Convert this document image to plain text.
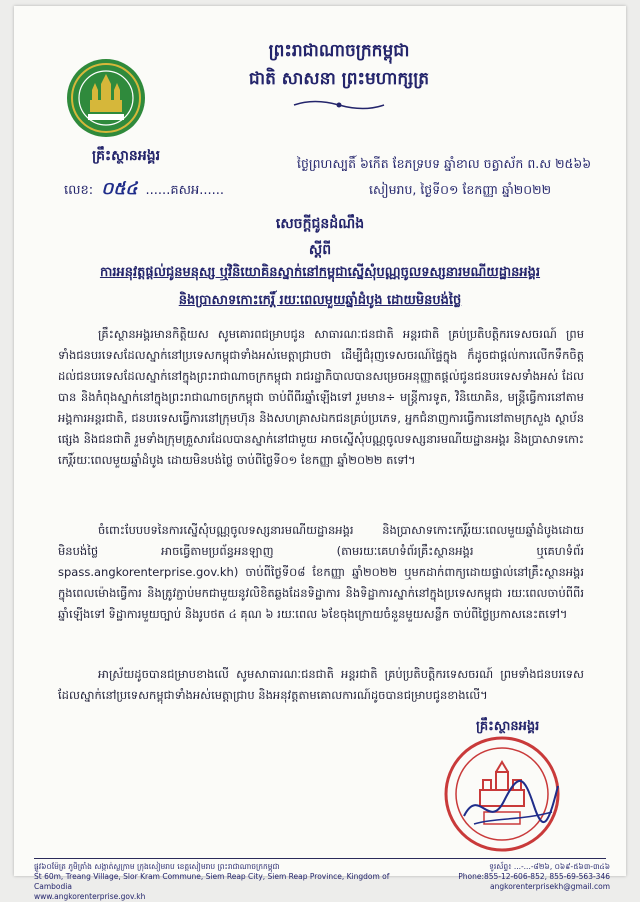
ព្រះរាជាណាចក្រកម្ពុជា
ជាតិ សាសនា ព្រះមហាក្សត្រ
គ្រឹះស្ថានអង្គរ
លេខ: ០៥៤ ......គសអ......
ថ្ងៃព្រហស្បតិ៍ ៦កើត ខែភទ្របទ ឆ្នាំខាល ចត្វាស័ក ព.ស ២៥៦៦
សៀមរាប, ថ្ងៃទី០១ ខែកញ្ញា ឆ្នាំ២០២២
សេចក្តីជូនដំណឹង
ស្តីពី
ការអនុវត្តផ្តល់ជូនមនុស្ស ឬវិនិយោគិនស្នាក់នៅកម្ពុជាស្នើសុំបណ្ណចូលទស្សនារមណីយដ្ឋានអង្គរ
និងប្រាសាទកោះកេរ្តិ៍ រយៈពេលមួយឆ្នាំដំបូង ដោយមិនបង់ថ្លៃ
គ្រឹះស្ថានអង្គរមានកិត្តិយស សូមគោរពជម្រាបជូន សាធារណៈជនជាតិ អន្តរជាតិ គ្រប់ប្រតិបត្តិករទេសចរណ៍ ព្រមទាំងជនបរទេសដែលស្នាក់នៅប្រទេសកម្ពុជាទាំងអស់មេត្តាជ្រាបថា ដើម្បីជំរុញទេសចរណ៍ផ្ទៃក្នុង ក៏ដូចជាផ្តល់ការលើកទឹកចិត្តដល់ជនបរទេសដែលស្នាក់នៅក្នុងព្រះរាជាណាចក្រកម្ពុជា រាជរដ្ឋាភិបាលបានសម្រេចអនុញ្ញាតផ្តល់ជូនជនបរទេសទាំងអស់ ដែលបាន និងកំពុងស្នាក់នៅក្នុងព្រះរាជាណាចក្រកម្ពុជា ចាប់ពីពីរឆ្នាំឡើងទៅ រួមមាន÷ មន្ត្រីការទូត, វិនិយោគិន, មន្ត្រីធ្វើការនៅតាមអង្គការអន្តរជាតិ, ជនបរទេសធ្វើការនៅក្រុមហ៊ុន និងសហគ្រាសឯកជនគ្រប់ប្រភេទ, អ្នកជំនាញការធ្វើការនៅតាមក្រសួង ស្ថាប័នផ្សេង និងជនជាតិ រួមទាំងក្រុមគ្រួសារដែលបានស្នាក់នៅជាមួយ អាចស្នើសុំបណ្ណចូលទស្សនារមណីយដ្ឋានអង្គរ និងប្រាសាទកោះកេរ្តិ៍រយៈពេលមួយឆ្នាំដំបូង ដោយមិនបង់ថ្លៃ ចាប់ពីថ្ងៃទី០១ ខែកញ្ញា ឆ្នាំ២០២២ តទៅ។
ចំពោះបែបបទនៃការស្នើសុំបណ្ណចូលទស្សនារមណីយដ្ឋានអង្គរ និងប្រាសាទកោះកេរ្តិ៍រយៈពេលមួយឆ្នាំដំបូងដោយមិនបង់ថ្លៃ អាចធ្វើតាមប្រព័ន្ធអនឡាញ (តាមរយៈគេហទំព័រគ្រឹះស្ថានអង្គរ ឬគេហទំព័រ spass.angkorenterprise.gov.kh) ចាប់ពីថ្ងៃទី០៨ ខែកញ្ញា ឆ្នាំ២០២២ ឬមកដាក់ពាក្យដោយផ្ទាល់នៅគ្រឹះស្ថានអង្គរ ក្នុងពេលម៉ោងធ្វើការ និងត្រូវភ្ជាប់មកជាមួយនូវលិខិតឆ្លងដែនទិដ្ឋាការ និងទិដ្ឋាការស្នាក់នៅក្នុងប្រទេសកម្ពុជា រយៈពេលចាប់ពីពីរឆ្នាំឡើងទៅ ទិដ្ឋាការមួយច្បាប់ និងរូបថត ៤ គុណ ៦ រយៈពេល ៦ខែចុងក្រោយចំនួនមួយសន្លឹក ចាប់ពីថ្ងៃប្រកាសនេះតទៅ។
អាស្រ័យដូចបានជម្រាបខាងលើ សូមសាធារណៈជនជាតិ អន្តរជាតិ គ្រប់ប្រតិបត្តិករទេសចរណ៍ ព្រមទាំងជនបរទេសដែលស្នាក់នៅប្រទេសកម្ពុជាទាំងអស់មេត្តាជ្រាប និងអនុវត្តតាមគោលការណ៍ដូចបានជម្រាបជូនខាងលើ។
គ្រឹះស្ថានអង្គរ
ផ្លូវ៦០ម៉ែត្រ ភូមិត្រាំង សង្កាត់ស្លក្រាម ក្រុងសៀមរាប ខេត្តសៀមរាប ព្រះរាជាណាចក្រកម្ពុជា
St 60m, Treang Village, Slor Kram Commune, Siem Reap City, Siem Reap Province, Kingdom of Cambodia
www.angkorenterprise.gov.kh
ទូរស័ព្ទ៖ ...-...-៨២៦, ០៦៩-៥៦៣-៣៤៦
Phone:855-12-606-852, 855-69-563-346
angkorenterprisekh@gmail.com
